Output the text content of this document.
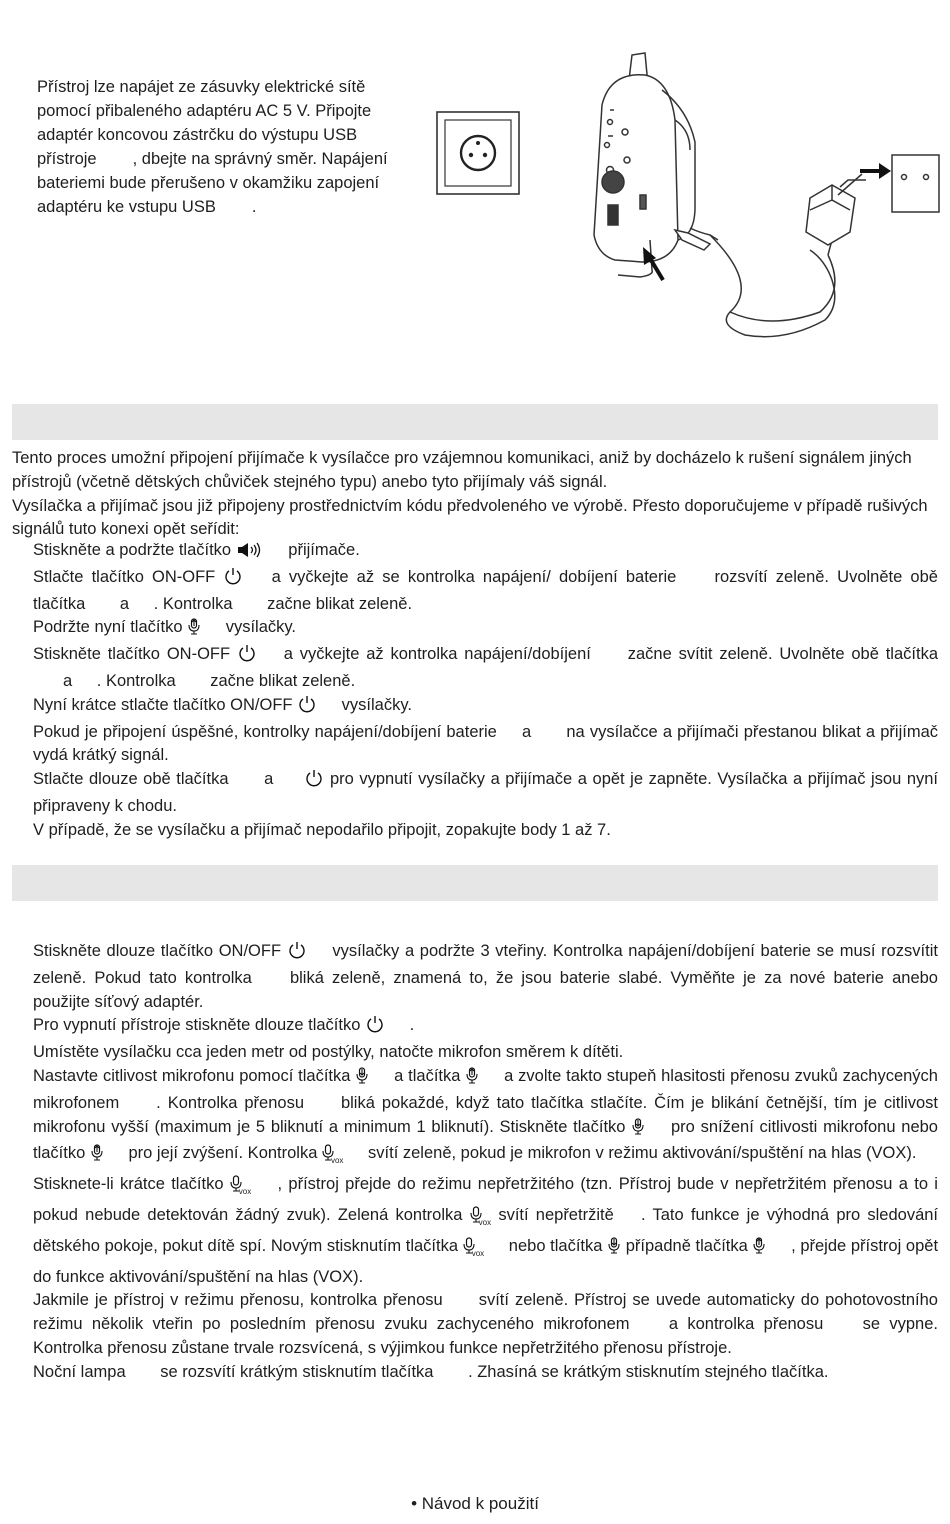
Přístroj lze napájet ze zásuvky elektrické sítě

pomocí přibaleného adaptéru AC 5 V. Připojte

adaptér koncovou zástrčku do výstupu USB

přístroje , dbejte na správný směr. Napájení

bateriemi bude přerušeno v okamžiku zapojení

adaptéru ke vstupu USB .

Tento proces umožní připojení přijímače k vysílačce pro vzájemnou komunikaci, aniž by docházelo k rušení signálem jiných přístrojů (včetně dětských chůviček stejného typu) anebo tyto přijímaly váš signál.

Vysílačka a přijímač jsou již připojeny prostřednictvím kódu předvoleného ve výrobě. Přesto doporučujeme v případě rušivých signálů tuto konexi opět seřídit:

Stiskněte a podržte tlačítko	přijímače.

Stlačte tlačítko ON-OFF	a vyčkejte až se kontrolka napájení/ dobíjení baterie rozsvítí zeleně. Uvolněte obě tlačítka a . Kontrolka začne blikat zeleně.

Podržte nyní tlačítko	vysílačky.

Stiskněte tlačítko ON-OFF	a vyčkejte až kontrolka napájení/dobíjení začne svítit zeleně. Uvolněte obě tlačítka a . Kontrolka začne blikat zeleně.

Nyní krátce stlačte tlačítko ON/OFF	vysílačky.

Pokud je připojení úspěšné, kontrolky napájení/dobíjení baterie a na vysílačce a přijímači přestanou blikat a přijímač vydá krátký signál.

Stlačte dlouze obě tlačítka a	pro vypnutí vysílačky a přijímače a opět je zapněte. Vysílačka a přijímač jsou nyní připraveny k chodu.

V případě, že se vysílačku a přijímač nepodařilo připojit, zopakujte body 1 až 7.

Stiskněte dlouze tlačítko ON/OFF	vysílačky a podržte 3 vteřiny. Kontrolka napájení/dobíjení baterie se musí rozsvítit zeleně. Pokud tato kontrolka bliká zeleně, znamená to, že jsou baterie slabé. Vyměňte je za nové baterie anebo použijte síťový adaptér.

Pro vypnutí přístroje stiskněte dlouze tlačítko	.

Umístěte vysílačku cca jeden metr od postýlky, natočte mikrofon směrem k dítěti.

Nastavte citlivost mikrofonu pomocí tlačítka	a tlačítka	a zvolte takto stupeň hlasitosti přenosu zvuků zachycených mikrofonem . Kontrolka přenosu bliká pokaždé, když tato tlačítka stlačíte. Čím je blikání četnější, tím je citlivost mikrofonu vyšší (maximum je 5 bliknutí a minimum 1 bliknutí). Stiskněte tlačítko	pro snížení citlivosti mikrofonu nebo tlačítko	pro její zvýšení. Kontrolka $_{vox}$ svítí zeleně, pokud je mikrofon v režimu aktivování/spuštění na hlas (VOX).

Stisknete-li krátce tlačítko $_{vox}$ , přístroj přejde do režimu nepřetržitého (tzn. Přístroj bude v nepřetržitém přenosu a to i pokud nebude detektován žádný zvuk). Zelená kontrolka $_{vox}$ svítí nepřetržitě . Tato funkce je výhodná pro sledování dětského pokoje, pokut dítě spí. Novým stisknutím tlačítka $_{vox}$ nebo tlačítka případně tlačítka	, přejde přístroj opět do funkce aktivování/spuštění na hlas (VOX).

Jakmile je přístroj v režimu přenosu, kontrolka přenosu svítí zeleně. Přístroj se uvede automaticky do pohotovostního režimu několik vteřin po posledním přenosu zvuku zachyceného mikrofonem a kontrolka přenosu se vypne. Kontrolka přenosu zůstane trvale rozsvícená, s výjimkou funkce nepřetržitého přenosu přístroje.

Noční lampa se rozsvítí krátkým stisknutím tlačítka . Zhasíná se krátkým stisknutím stejného tlačítka.

• Návod k použití
